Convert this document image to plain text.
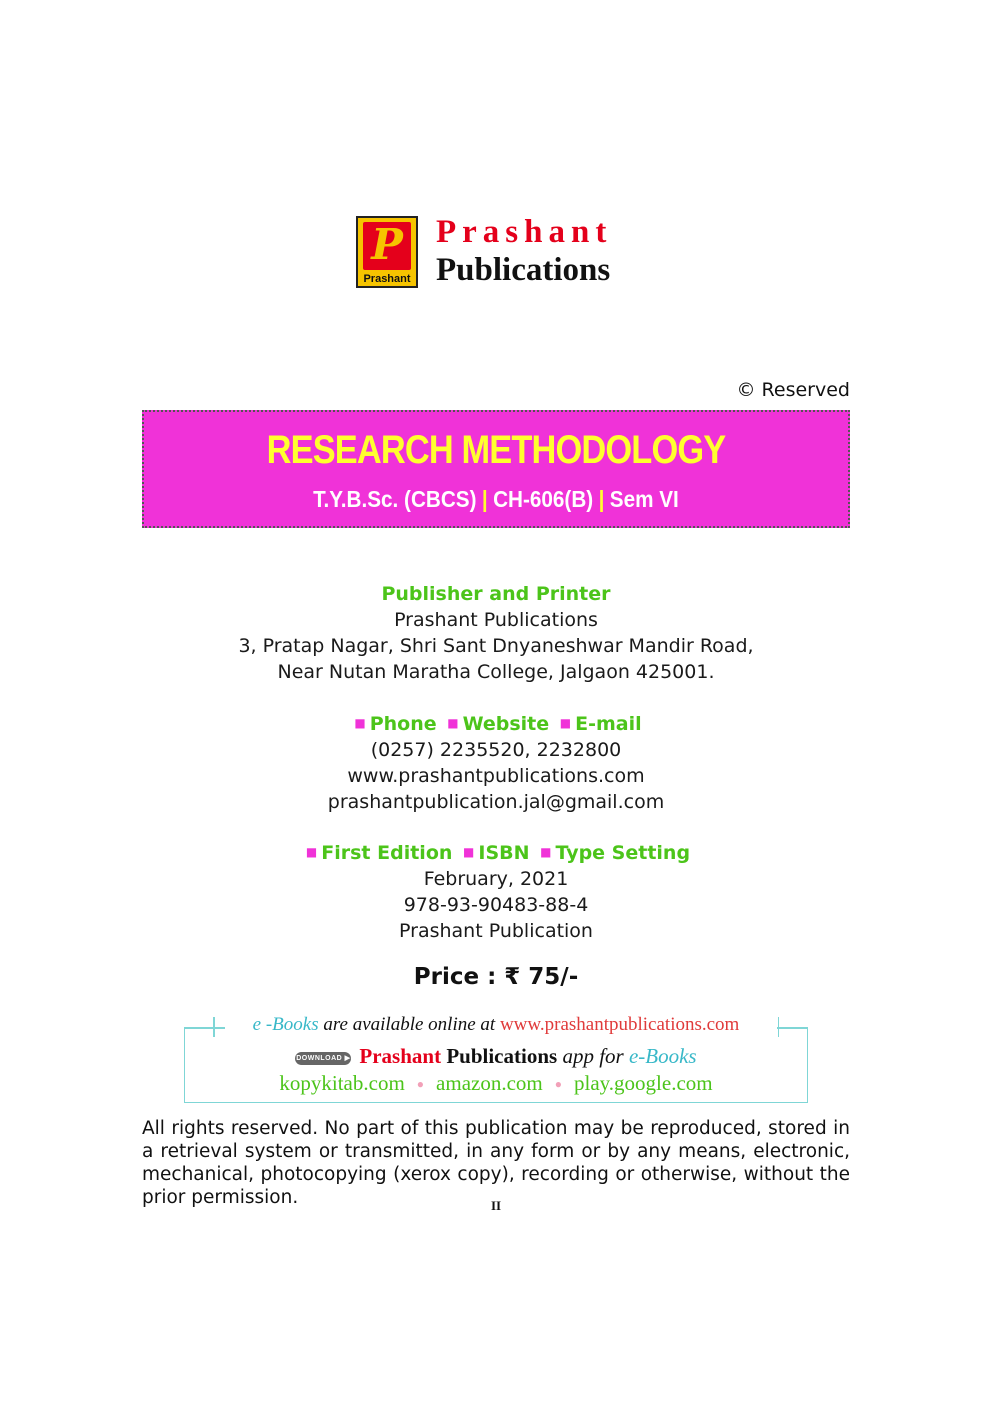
P
Prashant
Prashant
Publications
© Reserved
RESEARCH METHODOLOGY
T.Y.B.Sc. (CBCS) | CH-606(B) | Sem VI
Publisher and Printer
Prashant Publications
3, Pratap Nagar, Shri Sant Dnyaneshwar Mandir Road,
Near Nutan Maratha College, Jalgaon 425001.
■ Phone ■ Website ■ E-mail
(0257) 2235520, 2232800
www.prashantpublications.com
prashantpublication.jal@gmail.com
■ First Edition ■ ISBN ■ Type Setting
February, 2021
978-93-90483-88-4
Prashant Publication
Price : ₹ 75/-
e -Books are available online at www.prashantpublications.com
DOWNLOAD ▶ Prashant Publications app for e-Books
kopykitab.com ● amazon.com ● play.google.com
All rights reserved. No part of this publication may be reproduced, stored in a retrieval system or transmitted, in any form or by any means, electronic, mechanical, photocopying (xerox copy), recording or otherwise, without the prior permission.	II
